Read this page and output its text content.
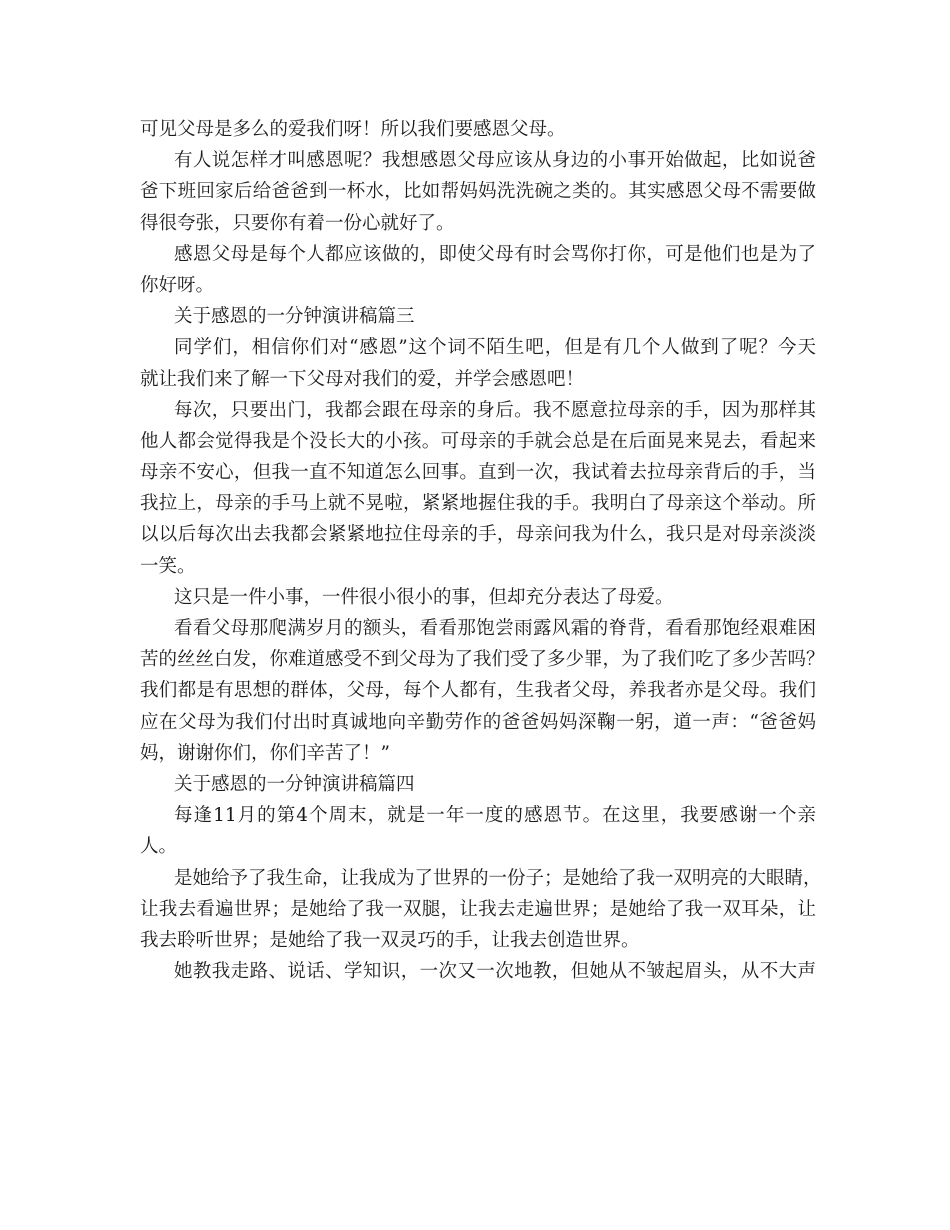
可见父母是多么的爱我们呀！所以我们要感恩父母。
有人说怎样才叫感恩呢？我想感恩父母应该从身边的小事开始做起，比如说爸
爸下班回家后给爸爸到一杯水，比如帮妈妈洗洗碗之类的。其实感恩父母不需要做
得很夸张，只要你有着一份心就好了。
感恩父母是每个人都应该做的，即使父母有时会骂你打你，可是他们也是为了
你好呀。
关于感恩的一分钟演讲稿篇三
同学们，相信你们对“感恩”这个词不陌生吧，但是有几个人做到了呢？今天
就让我们来了解一下父母对我们的爱，并学会感恩吧！
每次，只要出门，我都会跟在母亲的身后。我不愿意拉母亲的手，因为那样其
他人都会觉得我是个没长大的小孩。可母亲的手就会总是在后面晃来晃去，看起来
母亲不安心，但我一直不知道怎么回事。直到一次，我试着去拉母亲背后的手，当
我拉上，母亲的手马上就不晃啦，紧紧地握住我的手。我明白了母亲这个举动。所
以以后每次出去我都会紧紧地拉住母亲的手，母亲问我为什么，我只是对母亲淡淡
一笑。
这只是一件小事，一件很小很小的事，但却充分表达了母爱。
看看父母那爬满岁月的额头，看看那饱尝雨露风霜的脊背，看看那饱经艰难困
苦的丝丝白发，你难道感受不到父母为了我们受了多少罪，为了我们吃了多少苦吗？
我们都是有思想的群体，父母，每个人都有，生我者父母，养我者亦是父母。我们
应在父母为我们付出时真诚地向辛勤劳作的爸爸妈妈深鞠一躬，道一声：“爸爸妈
妈，谢谢你们，你们辛苦了！”
关于感恩的一分钟演讲稿篇四
每逢11月的第4个周末，就是一年一度的感恩节。在这里，我要感谢一个亲
人。
是她给予了我生命，让我成为了世界的一份子；是她给了我一双明亮的大眼睛，
让我去看遍世界；是她给了我一双腿，让我去走遍世界；是她给了我一双耳朵，让
我去聆听世界；是她给了我一双灵巧的手，让我去创造世界。
她教我走路、说话、学知识，一次又一次地教，但她从不皱起眉头，从不大声
